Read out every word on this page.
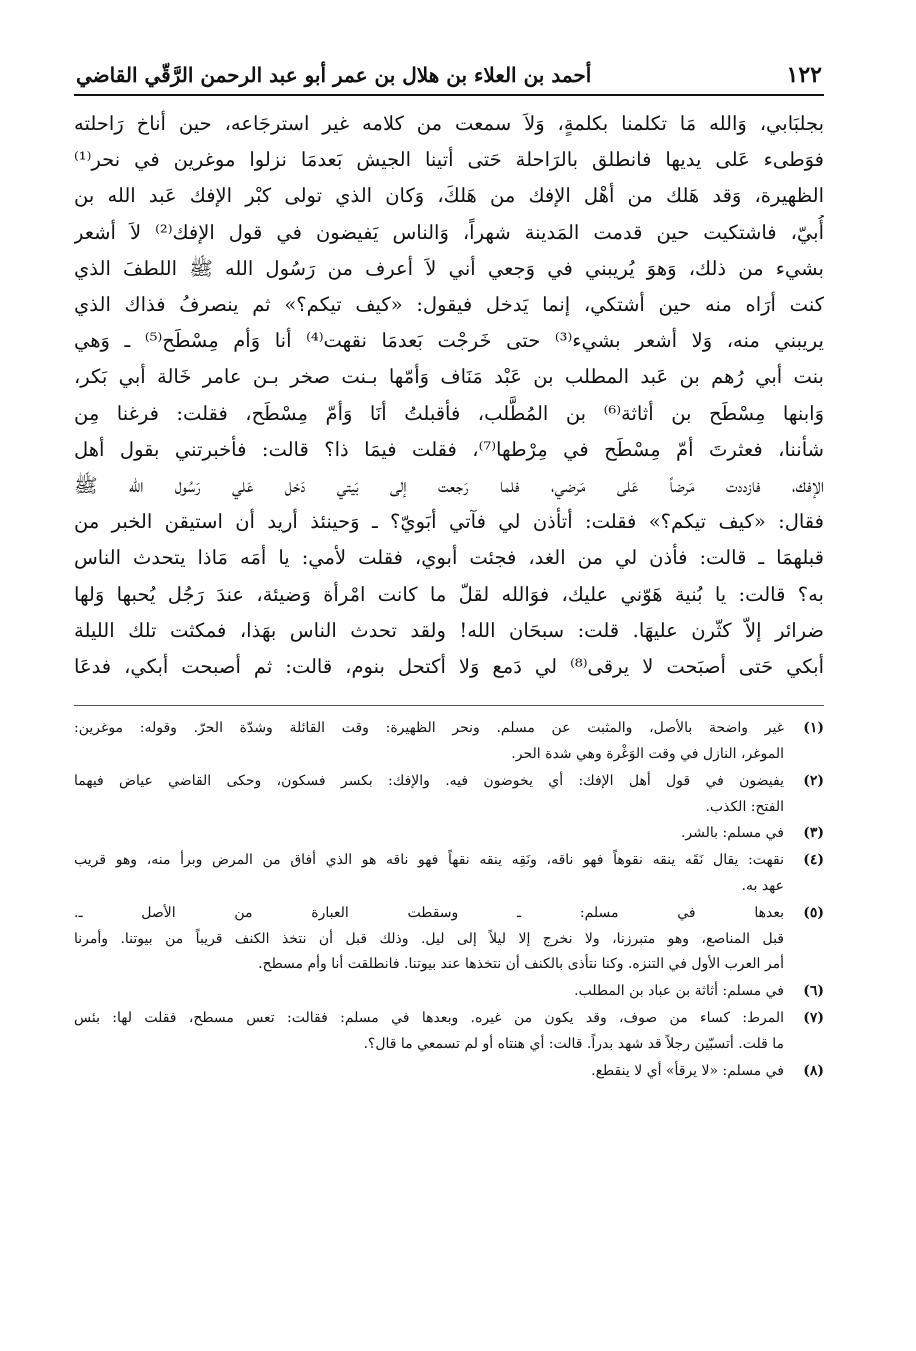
١٢٢
أحمد بن العلاء بن هلال بن عمر أبو عبد الرحمن الرَّقّي القاضي
بجلبَابي، وَالله مَا تكلمنا بكلمةٍ، وَلاَ سمعت من كلامه غير استرجَاعه، حين أناخ رَاحلته
فوَطىء عَلى يديها فانطلق بالرَاحلة حَتى أتينا الجيش بَعدمَا نزلوا موغرين في نحر⁽¹⁾
الظهيرة، وَقد هَلك من أهْل الإفك من هَلكَ، وَكان الذي تولى كبْر الإفك عَبد الله بن
أُبيّ، فاشتكيت حين قدمت المَدينة شهراً، وَالناس يَفيضون في قول الإفك⁽²⁾ لاَ أشعر
بشيء من ذلك، وَهوَ يُريبني في وَجعي أني لاَ أعرف من رَسُول الله ﷺ اللطفَ الذي
كنت أرَاه منه حين أشتكي، إنما يَدخل فيقول: «كيف تيكم؟» ثم ينصرفُ فذاك الذي
يريبني منه، وَلا أشعر بشيء⁽³⁾ حتى خَرجْت بَعدمَا نقهت⁽⁴⁾ أنا وَأم مِسْطَح⁽⁵⁾ ـ وَهي
بنت أبي رُهم بن عَبد المطلب بن عَبْد مَنَاف وَأمّها بـنت صخر بـن عامر خَالة أبي بَكر،
وَابنها مِسْطَح بن أثاثة⁽⁶⁾ بن المُطَّلب، فأقبلتُ أنَا وَأمّ مِسْطَح، فقلت: فرغنا مِن
شأننا، فعثرتَ أمّ مِسْطَح في مِرْطها⁽⁷⁾، فقلت فيمَا ذا؟ قالت: فأخبرتني بقول أهل
الإفك، فازددت مَرضاً عَلى مَرضي، فلما رَجعت إلى بَيتي دَخل عَلي رَسُول الله ﷺ
فقال: «كيف تيكم؟» فقلت: أتأذن لي فآتي أبَويّ؟ ـ وَحينئذ أريد أن استيقن الخبر من
قبلهمَا ـ قالت: فأذن لي من الغد، فجئت أبوي، فقلت لأمي: يا أمَه مَاذا يتحدث الناس
به؟ قالت: يا بُنية هَوّني عليك، فوَالله لقلّ ما كانت امْرأة وَضيئة، عندَ رَجُل يُحبها وَلها
ضرائر إلاّ كثّرن عليهَا. قلت: سبحَان الله! ولقد تحدث الناس بهَذا، فمكثت تلك الليلة
أبكي حَتى أصبَحت لا يرقى⁽⁸⁾ لي دَمع وَلا أكتحل بنوم، قالت: ثم أصبحت أبكي، فدعَا
(١)
غير واضحة بالأصل، والمثبت عن مسلم. ونحر الظهيرة: وقت القائلة وشدّة الحرّ. وقوله: موغرين:
الموغر، النازل في وقت الوَغْرة وهي شدة الحر.
(٢)
يفيضون في قول أهل الإفك: أي يخوضون فيه. والإفك: بكسر فسكون، وحكى القاضي عياض فيهما
الفتح: الكذب.
(٣)
في مسلم: بالشر.
(٤)
نقهت: يقال نَقَه ينقه نقوهاً فهو ناقه، ونَقِه ينقه نقهاً فهو ناقه هو الذي أفاق من المرض وبرأ منه، وهو قريب
عهد به.
(٥)
بعدها في مسلم: ـ وسقطت العبارة من الأصل ـ.
قبل المناصع، وهو متبرزنا، ولا نخرج إلا ليلاً إلى ليل. وذلك قبل أن نتخذ الكنف قريباً من بيوتنا. وأمرنا
أمر العرب الأول في التنزه. وكنا نتأذى بالكنف أن نتخذها عند بيوتنا. فانطلقت أنا وأم مسطح.
(٦)
في مسلم: أثاثة بن عباد بن المطلب.
(٧)
المرط: كساء من صوف، وقد يكون من غيره. وبعدها في مسلم: فقالت: تعس مسطح، فقلت لها: بئس
ما قلت. أتسبّين رجلاً قد شهد بدراً. قالت: أي هنتاه أو لم تسمعي ما قال؟.
(٨)
في مسلم: «لا يرقأ» أي لا ينقطع.
